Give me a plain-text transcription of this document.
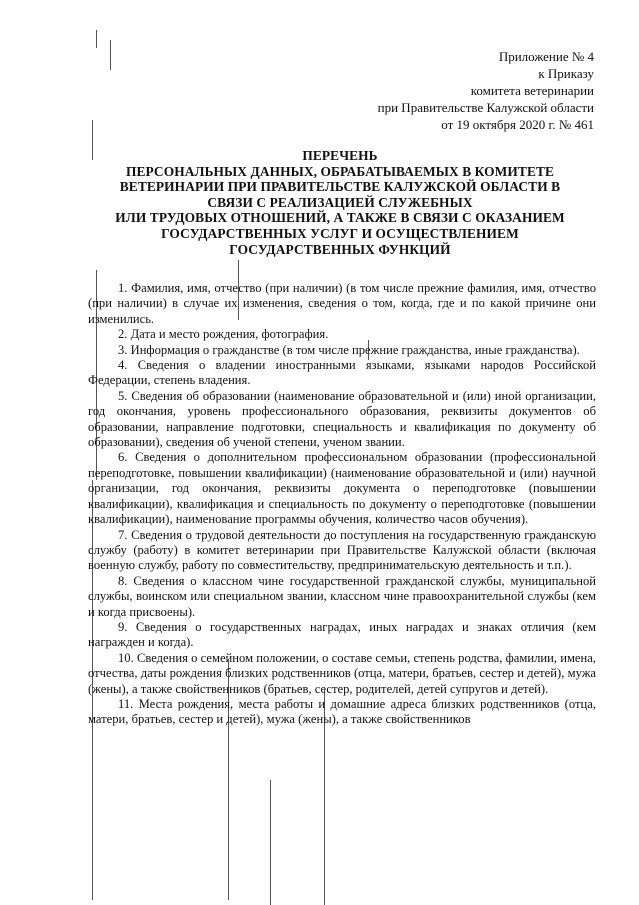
Приложение № 4
к Приказу
комитета ветеринарии
при Правительстве Калужской области
от 19 октября 2020 г. № 461
ПЕРЕЧЕНЬ
ПЕРСОНАЛЬНЫХ ДАННЫХ, ОБРАБАТЫВАЕМЫХ В КОМИТЕТЕ
ВЕТЕРИНАРИИ ПРИ ПРАВИТЕЛЬСТВЕ КАЛУЖСКОЙ ОБЛАСТИ В
СВЯЗИ С РЕАЛИЗАЦИЕЙ СЛУЖЕБНЫХ
ИЛИ ТРУДОВЫХ ОТНОШЕНИЙ, А ТАКЖЕ В СВЯЗИ С ОКАЗАНИЕМ
ГОСУДАРСТВЕННЫХ УСЛУГ И ОСУЩЕСТВЛЕНИЕМ
ГОСУДАРСТВЕННЫХ ФУНКЦИЙ

1. Фамилия, имя, отчество (при наличии) (в том числе прежние фамилия, имя, отчество (при наличии) в случае их изменения, сведения о том, когда, где и по какой причине они изменились.

2. Дата и место рождения, фотография.

3. Информация о гражданстве (в том числе прежние гражданства, иные гражданства).

4. Сведения о владении иностранными языками, языками народов Российской Федерации, степень владения.

5. Сведения об образовании (наименование образовательной и (или) иной организации, год окончания, уровень профессионального образования, реквизиты документов об образовании, направление подготовки, специальность и квалификация по документу об образовании), сведения об ученой степени, ученом звании.

6. Сведения о дополнительном профессиональном образовании (профессиональной переподготовке, повышении квалификации) (наименование образовательной и (или) научной организации, год окончания, реквизиты документа о переподготовке (повышении квалификации), квалификация и специальность по документу о переподготовке (повышении квалификации), наименование программы обучения, количество часов обучения).

7. Сведения о трудовой деятельности до поступления на государственную гражданскую службу (работу) в комитет ветеринарии при Правительстве Калужской области (включая военную службу, работу по совместительству, предпринимательскую деятельность и т.п.).

8. Сведения о классном чине государственной гражданской службы, муниципальной службы, воинском или специальном звании, классном чине правоохранительной службы (кем и когда присвоены).

9. Сведения о государственных наградах, иных наградах и знаках отличия (кем награжден и когда).

10. Сведения о семейном положении, о составе семьи, степень родства, фамилии, имена, отчества, даты рождения близких родственников (отца, матери, братьев, сестер и детей), мужа (жены), а также свойственников (братьев, сестер, родителей, детей супругов и детей).

11. Места рождения, места работы и домашние адреса близких родственников (отца, матери, братьев, сестер и детей), мужа (жены), а также свойственников
